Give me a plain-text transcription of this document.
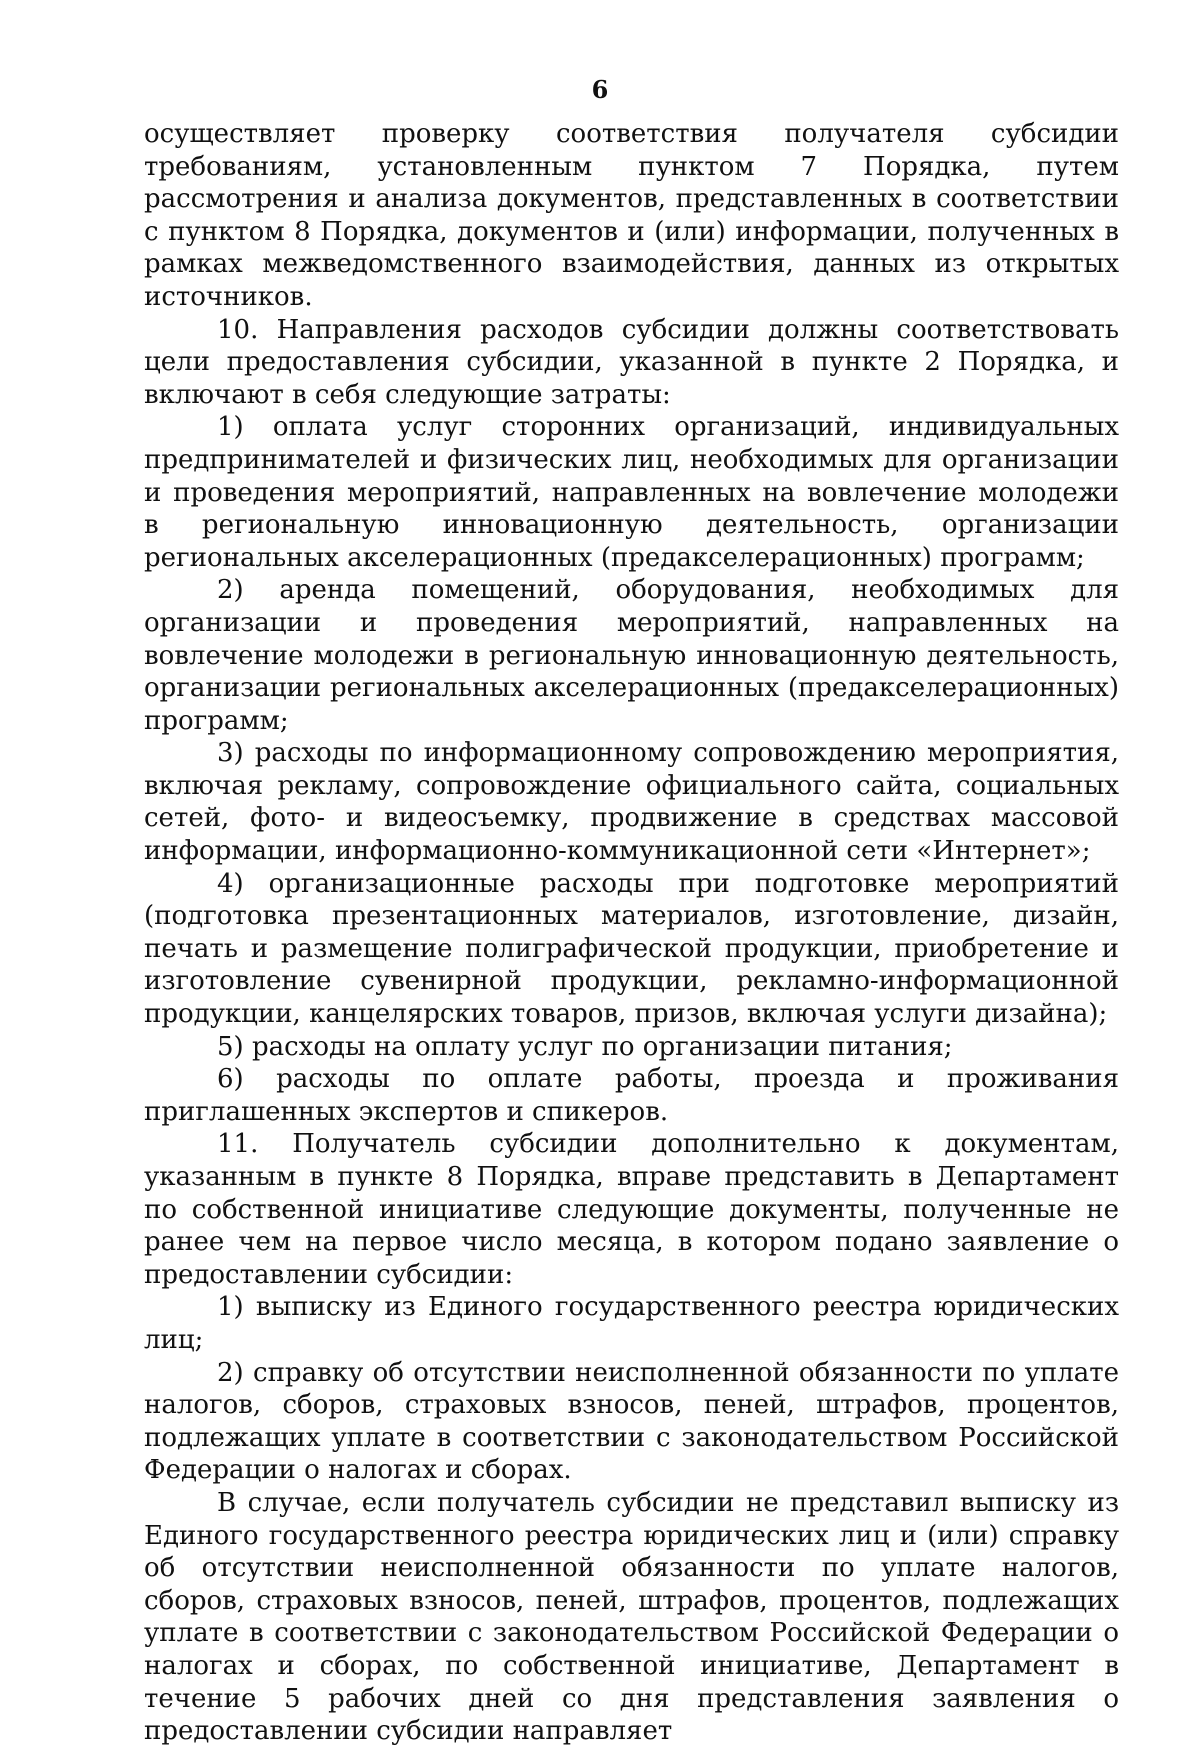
6

осуществляет проверку соответствия получателя субсидии требованиям, установленным пунктом 7 Порядка, путем рассмотрения и анализа документов, представленных в соответствии с пунктом 8 Порядка, документов и (или) информации, полученных в рамках межведомственного взаимодействия, данных из открытых источников.

10. Направления расходов субсидии должны соответствовать цели предоставления субсидии, указанной в пункте 2 Порядка, и включают в себя следующие затраты:

1) оплата услуг сторонних организаций, индивидуальных предпринимателей и физических лиц, необходимых для организации и проведения мероприятий, направленных на вовлечение молодежи в региональную инновационную деятельность, организации региональных акселерационных (предакселерационных) программ;

2) аренда помещений, оборудования, необходимых для организации и проведения мероприятий, направленных на вовлечение молодежи в региональную инновационную деятельность, организации региональных акселерационных (предакселерационных) программ;

3) расходы по информационному сопровождению мероприятия, включая рекламу, сопровождение официального сайта, социальных сетей, фото- и видеосъемку, продвижение в средствах массовой информации, информационно-коммуникационной сети «Интернет»;

4) организационные расходы при подготовке мероприятий (подготовка презентационных материалов, изготовление, дизайн, печать и размещение полиграфической продукции, приобретение и изготовление сувенирной продукции, рекламно-информационной продукции, канцелярских товаров, призов, включая услуги дизайна);

5) расходы на оплату услуг по организации питания;

6) расходы по оплате работы, проезда и проживания приглашенных экспертов и спикеров.

11. Получатель субсидии дополнительно к документам, указанным в пункте 8 Порядка, вправе представить в Департамент по собственной инициативе следующие документы, полученные не ранее чем на первое число месяца, в котором подано заявление о предоставлении субсидии:

1) выписку из Единого государственного реестра юридических лиц;

2) справку об отсутствии неисполненной обязанности по уплате налогов, сборов, страховых взносов, пеней, штрафов, процентов, подлежащих уплате в соответствии с законодательством Российской Федерации о налогах и сборах.

В случае, если получатель субсидии не представил выписку из Единого государственного реестра юридических лиц и (или) справку об отсутствии неисполненной обязанности по уплате налогов, сборов, страховых взносов, пеней, штрафов, процентов, подлежащих уплате в соответствии с законодательством Российской Федерации о налогах и сборах, по собственной инициативе, Департамент в течение 5 рабочих дней со дня представления заявления о предоставлении субсидии направляет
